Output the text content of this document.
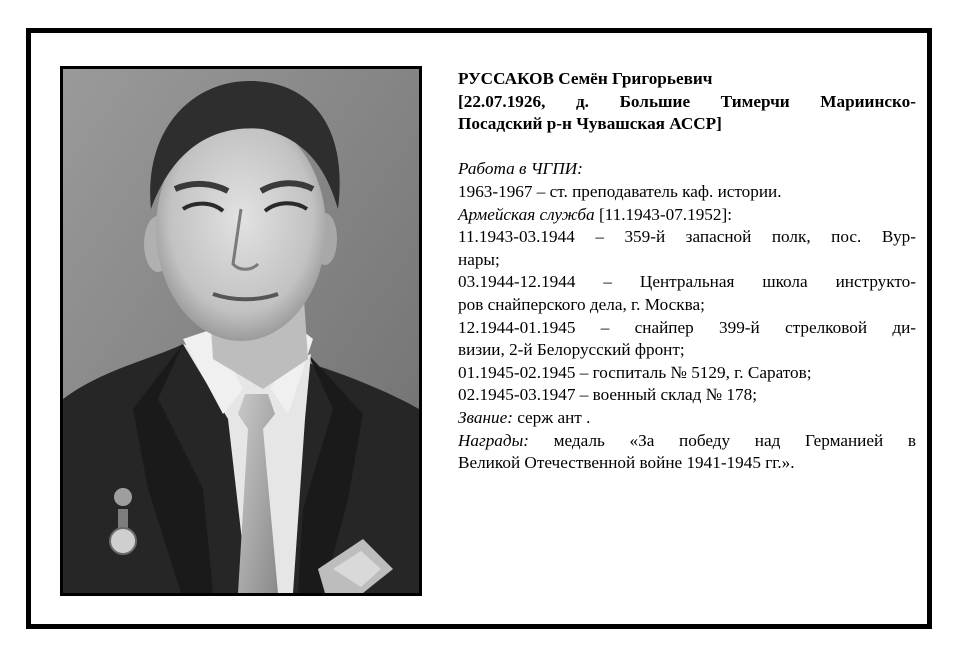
РУССАКОВ Семён Григорьевич
[22.07.1926, д. Большие Тимерчи Мариинско-
Посадский р-н Чувашская АССР]
Работа в ЧГПИ:
1963-1967 – ст. преподаватель каф. истории.
Армейская служба [11.1943-07.1952]:
11.1943-03.1944 – 359-й запасной полк, пос. Вур-
нары;
03.1944-12.1944 – Центральная школа инструкто-
ров снайперского дела, г. Москва;
12.1944-01.1945 – снайпер 399-й стрелковой ди-
визии, 2-й Белорусский фронт;
01.1945-02.1945 – госпиталь № 5129, г. Саратов;
02.1945-03.1947 – военный склад № 178;
Звание: серж ант .
Награды: медаль «За победу над Германией в
Великой Отечественной войне 1941-1945 гг.».
